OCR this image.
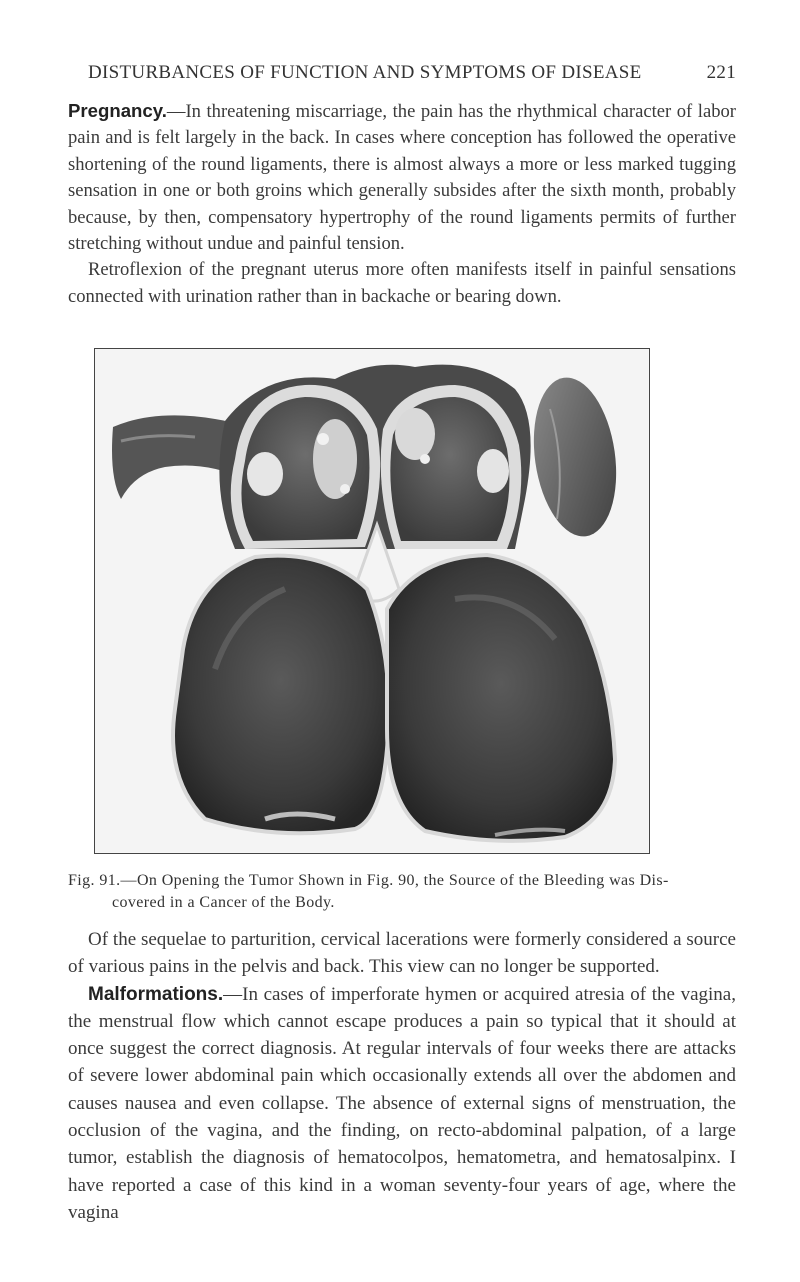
DISTURBANCES OF FUNCTION AND SYMPTOMS OF DISEASE	221

Pregnancy.—In threatening miscarriage, the pain has the rhythmical character of labor pain and is felt largely in the back. In cases where conception has followed the operative shortening of the round ligaments, there is almost always a more or less marked tugging sensation in one or both groins which generally subsides after the sixth month, probably because, by then, compensatory hypertrophy of the round ligaments permits of further stretching without undue and painful tension.

Retroflexion of the pregnant uterus more often manifests itself in painful sensations connected with urination rather than in backache or bearing down.

Fig. 91.—On Opening the Tumor Shown in Fig. 90, the Source of the Bleeding was Dis-
covered in a Cancer of the Body.

Of the sequelae to parturition, cervical lacerations were formerly considered a source of various pains in the pelvis and back. This view can no longer be supported.

Malformations.—In cases of imperforate hymen or acquired atresia of the vagina, the menstrual flow which cannot escape produces a pain so typical that it should at once suggest the correct diagnosis. At regular intervals of four weeks there are attacks of severe lower abdominal pain which occasionally extends all over the abdomen and causes nausea and even collapse. The absence of external signs of menstruation, the occlusion of the vagina, and the finding, on recto-abdominal palpation, of a large tumor, establish the diagnosis of hematocolpos, hematometra, and hematosalpinx. I have reported a case of this kind in a woman seventy-four years of age, where the vagina
